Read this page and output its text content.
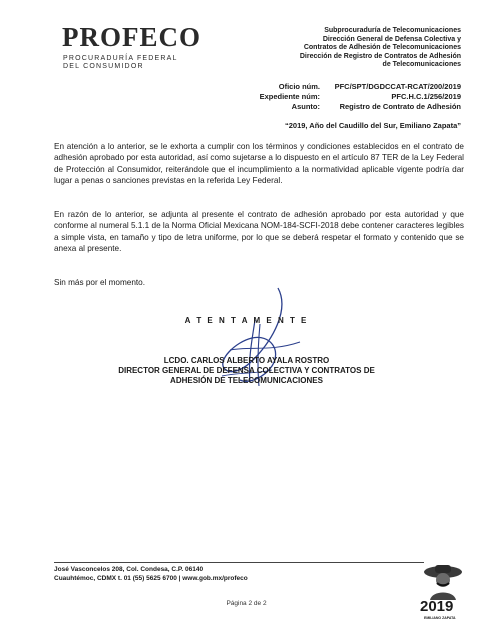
PROFECO
PROCURADURÍA FEDERAL
DEL CONSUMIDOR
Subprocuraduría de Telecomunicaciones
Dirección General de Defensa Colectiva y
Contratos de Adhesión de Telecomunicaciones
Dirección de Registro de Contratos de Adhesión
de Telecomunicaciones
Oficio núm.
Expediente núm:
Asunto:
PFC/SPT/DGDCCAT-RCAT/200/2019
PFC.H.C.1/256/2019
Registro de Contrato de Adhesión
“2019, Año del Caudillo del Sur, Emiliano Zapata”
En atención a lo anterior, se le exhorta a cumplir con los términos y condiciones establecidos en el contrato de adhesión aprobado por esta autoridad, así como sujetarse a lo dispuesto en el artículo 87 TER de la Ley Federal de Protección al Consumidor, reiterándole que el incumplimiento a la normatividad aplicable vigente podría dar lugar a penas o sanciones previstas en la referida Ley Federal.
En razón de lo anterior, se adjunta al presente el contrato de adhesión aprobado por esta autoridad y que conforme al numeral 5.1.1 de la Norma Oficial Mexicana NOM-184-SCFI-2018 debe contener caracteres legibles a simple vista, en tamaño y tipo de letra uniforme, por lo que se deberá respetar el formato y contenido que se anexa al presente.
Sin más por el momento.
A T E N T A M E N T E
LCDO. CARLOS ALBERTO AYALA ROSTRO
DIRECTOR GENERAL DE DEFENSA COLECTIVA Y CONTRATOS DE
ADHESIÓN DE TELECOMUNICACIONES
José Vasconcelos 208, Col. Condesa, C.P. 06140
Cuauhtémoc, CDMX t. 01 (55) 5625 6700 | www.gob.mx/profeco
Página 2 de 2	2019
EMILIANO ZAPATA
